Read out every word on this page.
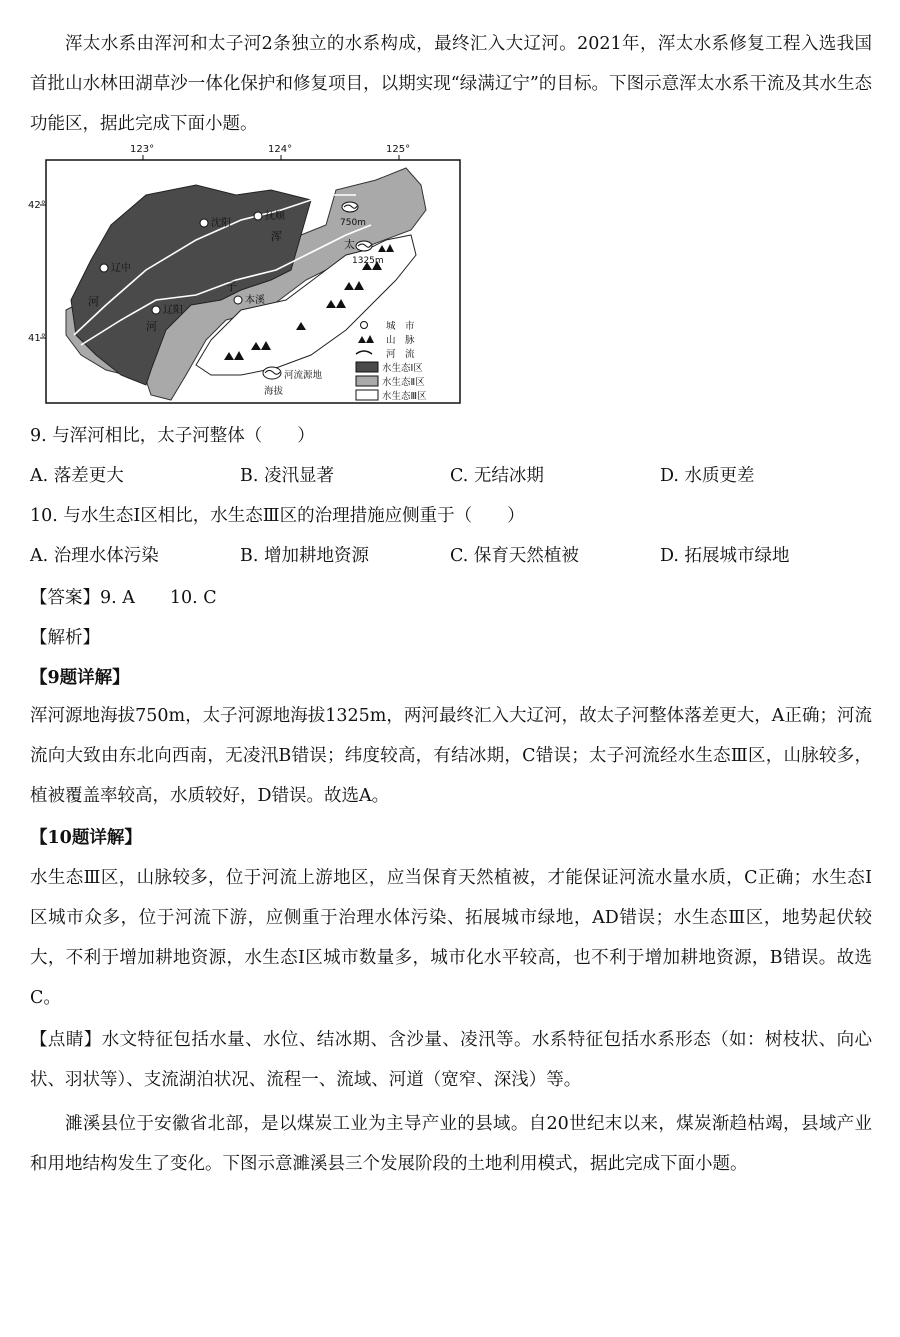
浑太水系由浑河和太子河2条独立的水系构成，最终汇入大辽河。2021年，浑太水系修复工程入选我国首批山水林田湖草沙一体化保护和修复项目，以期实现“绿满辽宁”的目标。下图示意浑太水系干流及其水生态功能区，据此完成下面小题。

123°	124°	125°
42°
41°
沈阳
抚顺
辽中
辽阳
本溪
浑
太
子
河
河
750m
1325m
城　市
山　脉
河　流
水生态Ⅰ区
水生态Ⅱ区
水生态Ⅲ区
河流源地
海拔

9. 与浑河相比，太子河整体（　　）

A. 落差更大	B. 凌汛显著	C. 无结冰期	D. 水质更差

10. 与水生态Ⅰ区相比，水生态Ⅲ区的治理措施应侧重于（　　）

A. 治理水体污染	B. 增加耕地资源	C. 保育天然植被	D. 拓展城市绿地

【答案】9. A　　10. C

【解析】

【9题详解】

浑河源地海拔750m，太子河源地海拔1325m，两河最终汇入大辽河，故太子河整体落差更大，A正确；河流流向大致由东北向西南，无凌汛B错误；纬度较高，有结冰期，C错误；太子河流经水生态Ⅲ区，山脉较多，植被覆盖率较高，水质较好，D错误。故选A。

【10题详解】

水生态Ⅲ区，山脉较多，位于河流上游地区，应当保育天然植被，才能保证河流水量水质，C正确；水生态Ⅰ区城市众多，位于河流下游，应侧重于治理水体污染、拓展城市绿地，AD错误；水生态Ⅲ区，地势起伏较大，不利于增加耕地资源，水生态Ⅰ区城市数量多，城市化水平较高，也不利于增加耕地资源，B错误。故选C。

【点睛】水文特征包括水量、水位、结冰期、含沙量、凌汛等。水系特征包括水系形态（如：树枝状、向心状、羽状等）、支流湖泊状况、流程一、流域、河道（宽窄、深浅）等。

濉溪县位于安徽省北部，是以煤炭工业为主导产业的县域。自20世纪末以来，煤炭渐趋枯竭，县域产业和用地结构发生了变化。下图示意濉溪县三个发展阶段的土地利用模式，据此完成下面小题。
